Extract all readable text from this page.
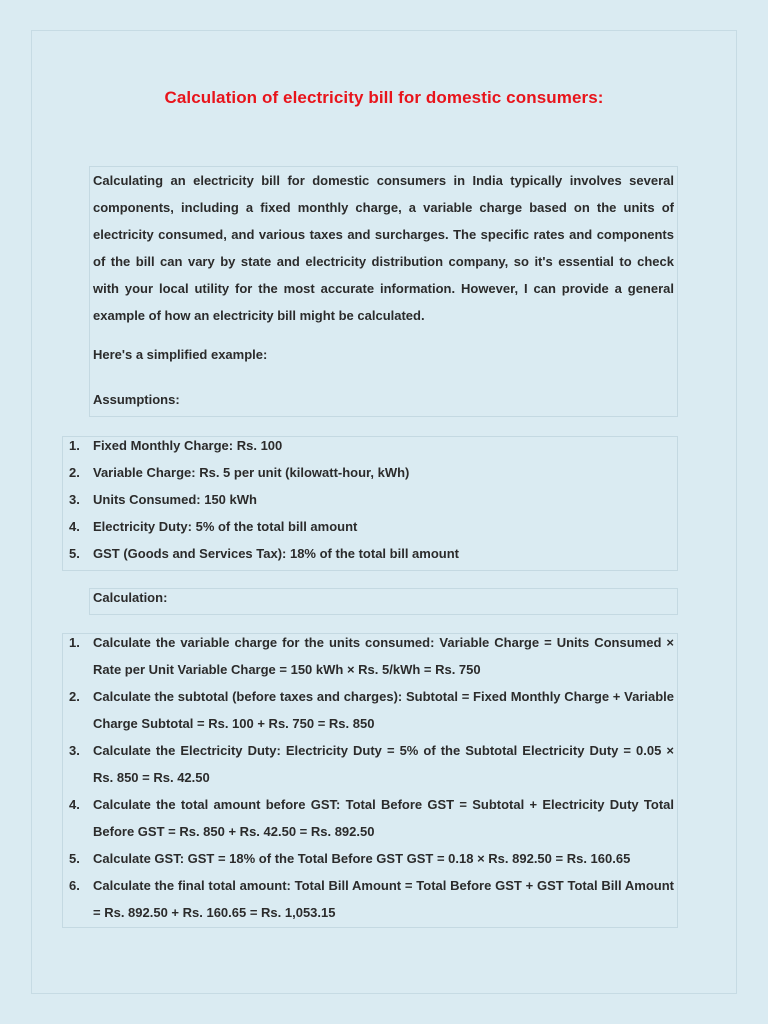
Calculation of electricity bill for domestic consumers:

Calculating an electricity bill for domestic consumers in India typically involves several components, including a fixed monthly charge, a variable charge based on the units of electricity consumed, and various taxes and surcharges. The specific rates and components of the bill can vary by state and electricity distribution company, so it's essential to check with your local utility for the most accurate information. However, I can provide a general example of how an electricity bill might be calculated.

Here's a simplified example:

Assumptions:

1.	Fixed Monthly Charge: Rs. 100
2.	Variable Charge: Rs. 5 per unit (kilowatt-hour, kWh)
3.	Units Consumed: 150 kWh
4.	Electricity Duty: 5% of the total bill amount
5.	GST (Goods and Services Tax): 18% of the total bill amount
Calculation:
1.	Calculate the variable charge for the units consumed: Variable Charge = Units Consumed × Rate per Unit Variable Charge = 150 kWh × Rs. 5/kWh = Rs. 750
2.	Calculate the subtotal (before taxes and charges): Subtotal = Fixed Monthly Charge + Variable Charge Subtotal = Rs. 100 + Rs. 750 = Rs. 850
3.	Calculate the Electricity Duty: Electricity Duty = 5% of the Subtotal Electricity Duty = 0.05 × Rs. 850 = Rs. 42.50
4.	Calculate the total amount before GST: Total Before GST = Subtotal + Electricity Duty Total Before GST = Rs. 850 + Rs. 42.50 = Rs. 892.50
5.	Calculate GST: GST = 18% of the Total Before GST GST = 0.18 × Rs. 892.50 = Rs. 160.65
6.	Calculate the final total amount: Total Bill Amount = Total Before GST + GST Total Bill Amount = Rs. 892.50 + Rs. 160.65 = Rs. 1,053.15
